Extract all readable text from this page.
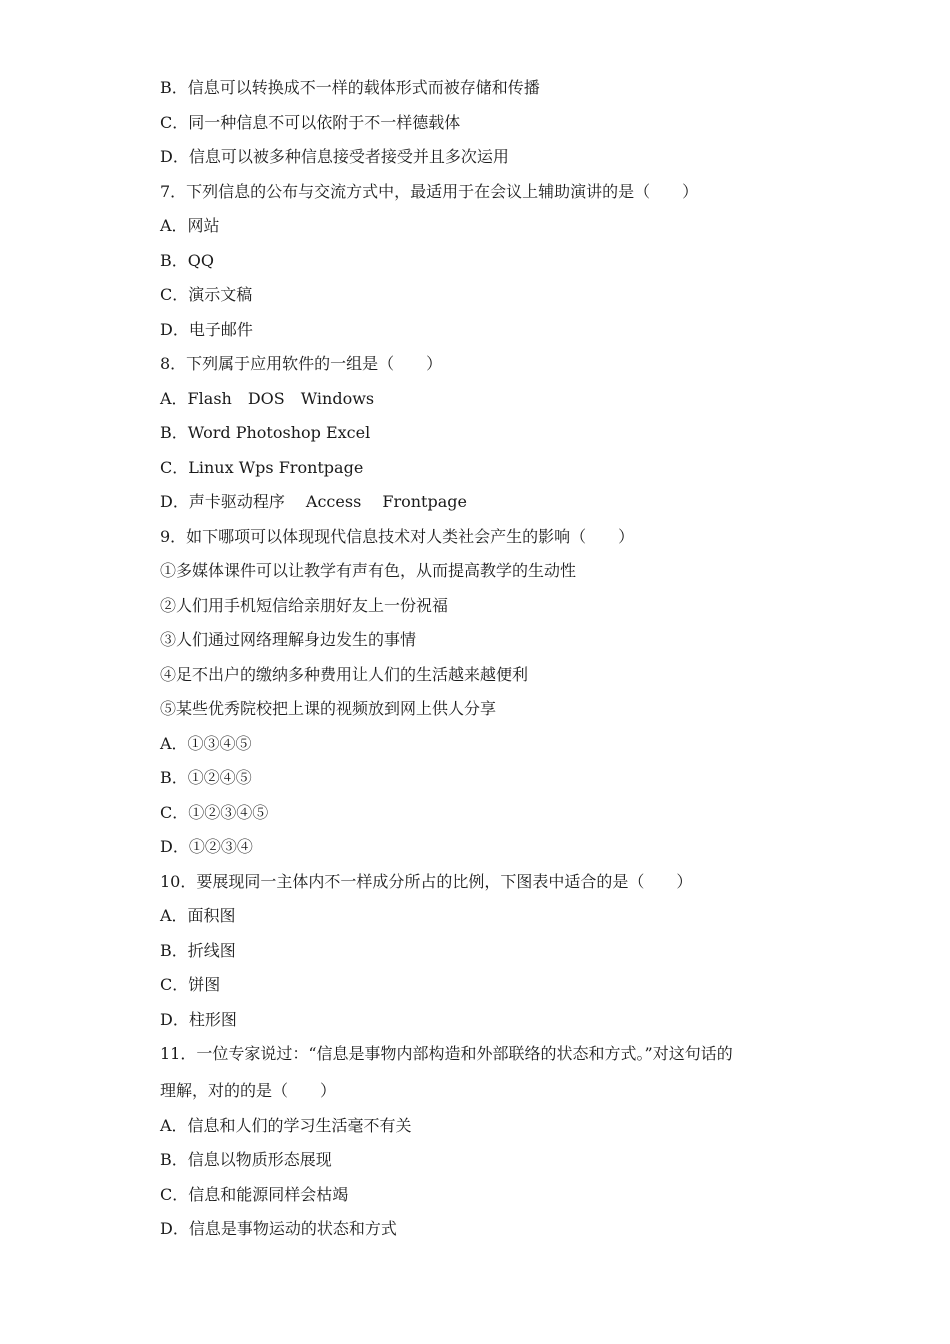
B．信息可以转换成不一样的载体形式而被存储和传播
C．同一种信息不可以依附于不一样德载体
D．信息可以被多种信息接受者接受并且多次运用
7．下列信息的公布与交流方式中，最适用于在会议上辅助演讲的是（　　）
A．网站
B．QQ
C．演示文稿
D．电子邮件
8．下列属于应用软件的一组是（　　）
A．Flash　DOS　Windows
B．Word Photoshop Excel
C．Linux Wps Frontpage
D．声卡驱动程序　 Access　 Frontpage
9．如下哪项可以体现现代信息技术对人类社会产生的影响（　　）
①多媒体课件可以让教学有声有色，从而提高教学的生动性
②人们用手机短信给亲朋好友上一份祝福
③人们通过网络理解身边发生的事情
④足不出户的缴纳多种费用让人们的生活越来越便利
⑤某些优秀院校把上课的视频放到网上供人分享
A．①③④⑤
B．①②④⑤
C．①②③④⑤
D．①②③④
10．要展现同一主体内不一样成分所占的比例，下图表中适合的是（　　）
A．面积图
B．折线图
C．饼图
D．柱形图
11．一位专家说过：“信息是事物内部构造和外部联络的状态和方式。”对这句话的
理解，对的的是（　　）
A．信息和人们的学习生活毫不有关
B．信息以物质形态展现
C．信息和能源同样会枯竭
D．信息是事物运动的状态和方式
